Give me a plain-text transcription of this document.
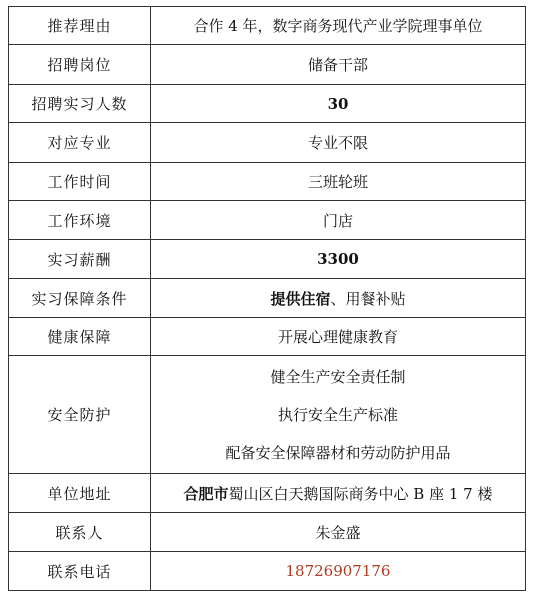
推荐理由	合作 4 年，数字商务现代产业学院理事单位
招聘岗位	储备干部
招聘实习人数	30
对应专业	专业不限
工作时间	三班轮班
工作环境	门店
实习薪酬	3300
实习保障条件	提供住宿、用餐补贴
健康保障	开展心理健康教育
安全防护	健全生产安全责任制
执行安全生产标准
配备安全保障器材和劳动防护用品

单位地址	合肥市蜀山区白天鹅国际商务中心 B 座 1 7 楼
联系人	朱金盛
联系电话	18726907176
